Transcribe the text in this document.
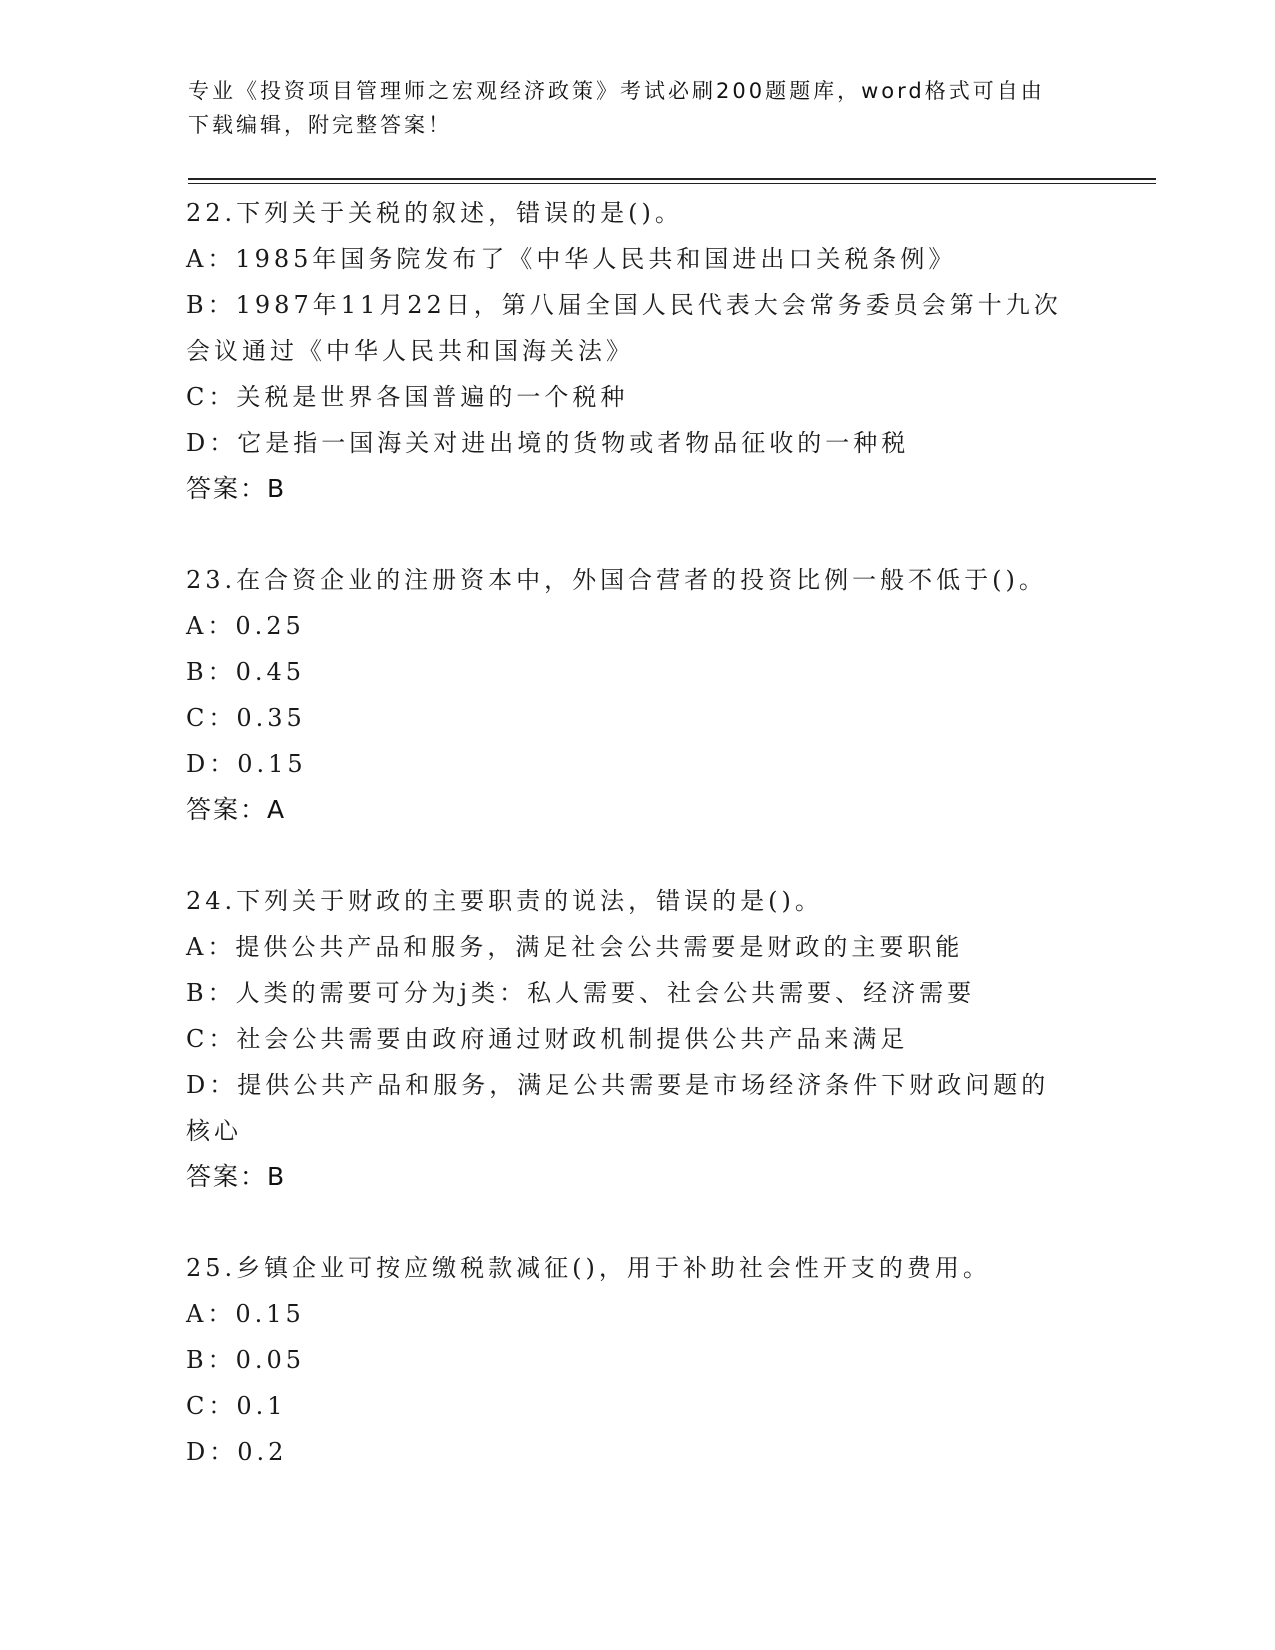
专业《投资项目管理师之宏观经济政策》考试必刷200题题库，word格式可自由
下载编辑，附完整答案！
22.下列关于关税的叙述，错误的是()。
A：1985年国务院发布了《中华人民共和国进出口关税条例》
B：1987年11月22日，第八届全国人民代表大会常务委员会第十九次
会议通过《中华人民共和国海关法》
C：关税是世界各国普遍的一个税种
D：它是指一国海关对进出境的货物或者物品征收的一种税
答案：B
23.在合资企业的注册资本中，外国合营者的投资比例一般不低于()。
A：0.25
B：0.45
C：0.35
D：0.15
答案：A
24.下列关于财政的主要职责的说法，错误的是()。
A：提供公共产品和服务，满足社会公共需要是财政的主要职能
B：人类的需要可分为j类：私人需要、社会公共需要、经济需要
C：社会公共需要由政府通过财政机制提供公共产品来满足
D：提供公共产品和服务，满足公共需要是市场经济条件下财政问题的
核心
答案：B
25.乡镇企业可按应缴税款减征()，用于补助社会性开支的费用。
A：0.15
B：0.05
C：0.1
D：0.2
